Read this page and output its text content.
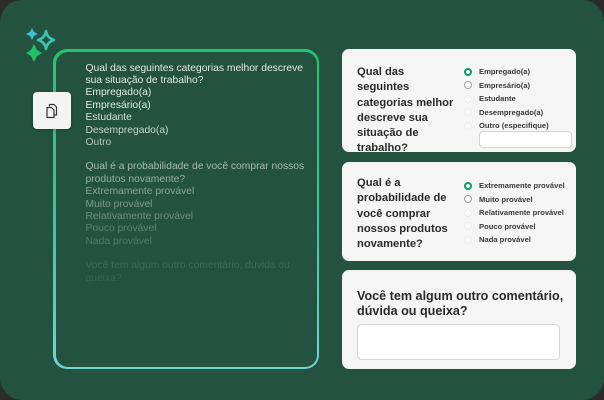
Qual das seguintes categorias melhor descreve
sua situação de trabalho?
Empregado(a)
Empresário(a)
Estudante
Desempregado(a)
Outro
Qual é a probabilidade de você comprar nossos
produtos novamente?
Extremamente provável
Muito provável
Relativamente provável
Pouco provável
Nada provável
Você tem algum outro comentário, dúvida ou
queixa?
Qual das seguintes categorias melhor descreve sua situação de trabalho?
Empregado(a)
Empresário(a)
Estudante
Desempregado(a)
Outro (especifique)
Qual é a probabilidade de você comprar nossos produtos novamente?
Extremamente provável
Muito provável
Relativamente provável
Pouco provável
Nada provável
Você tem algum outro comentário, dúvida ou queixa?
